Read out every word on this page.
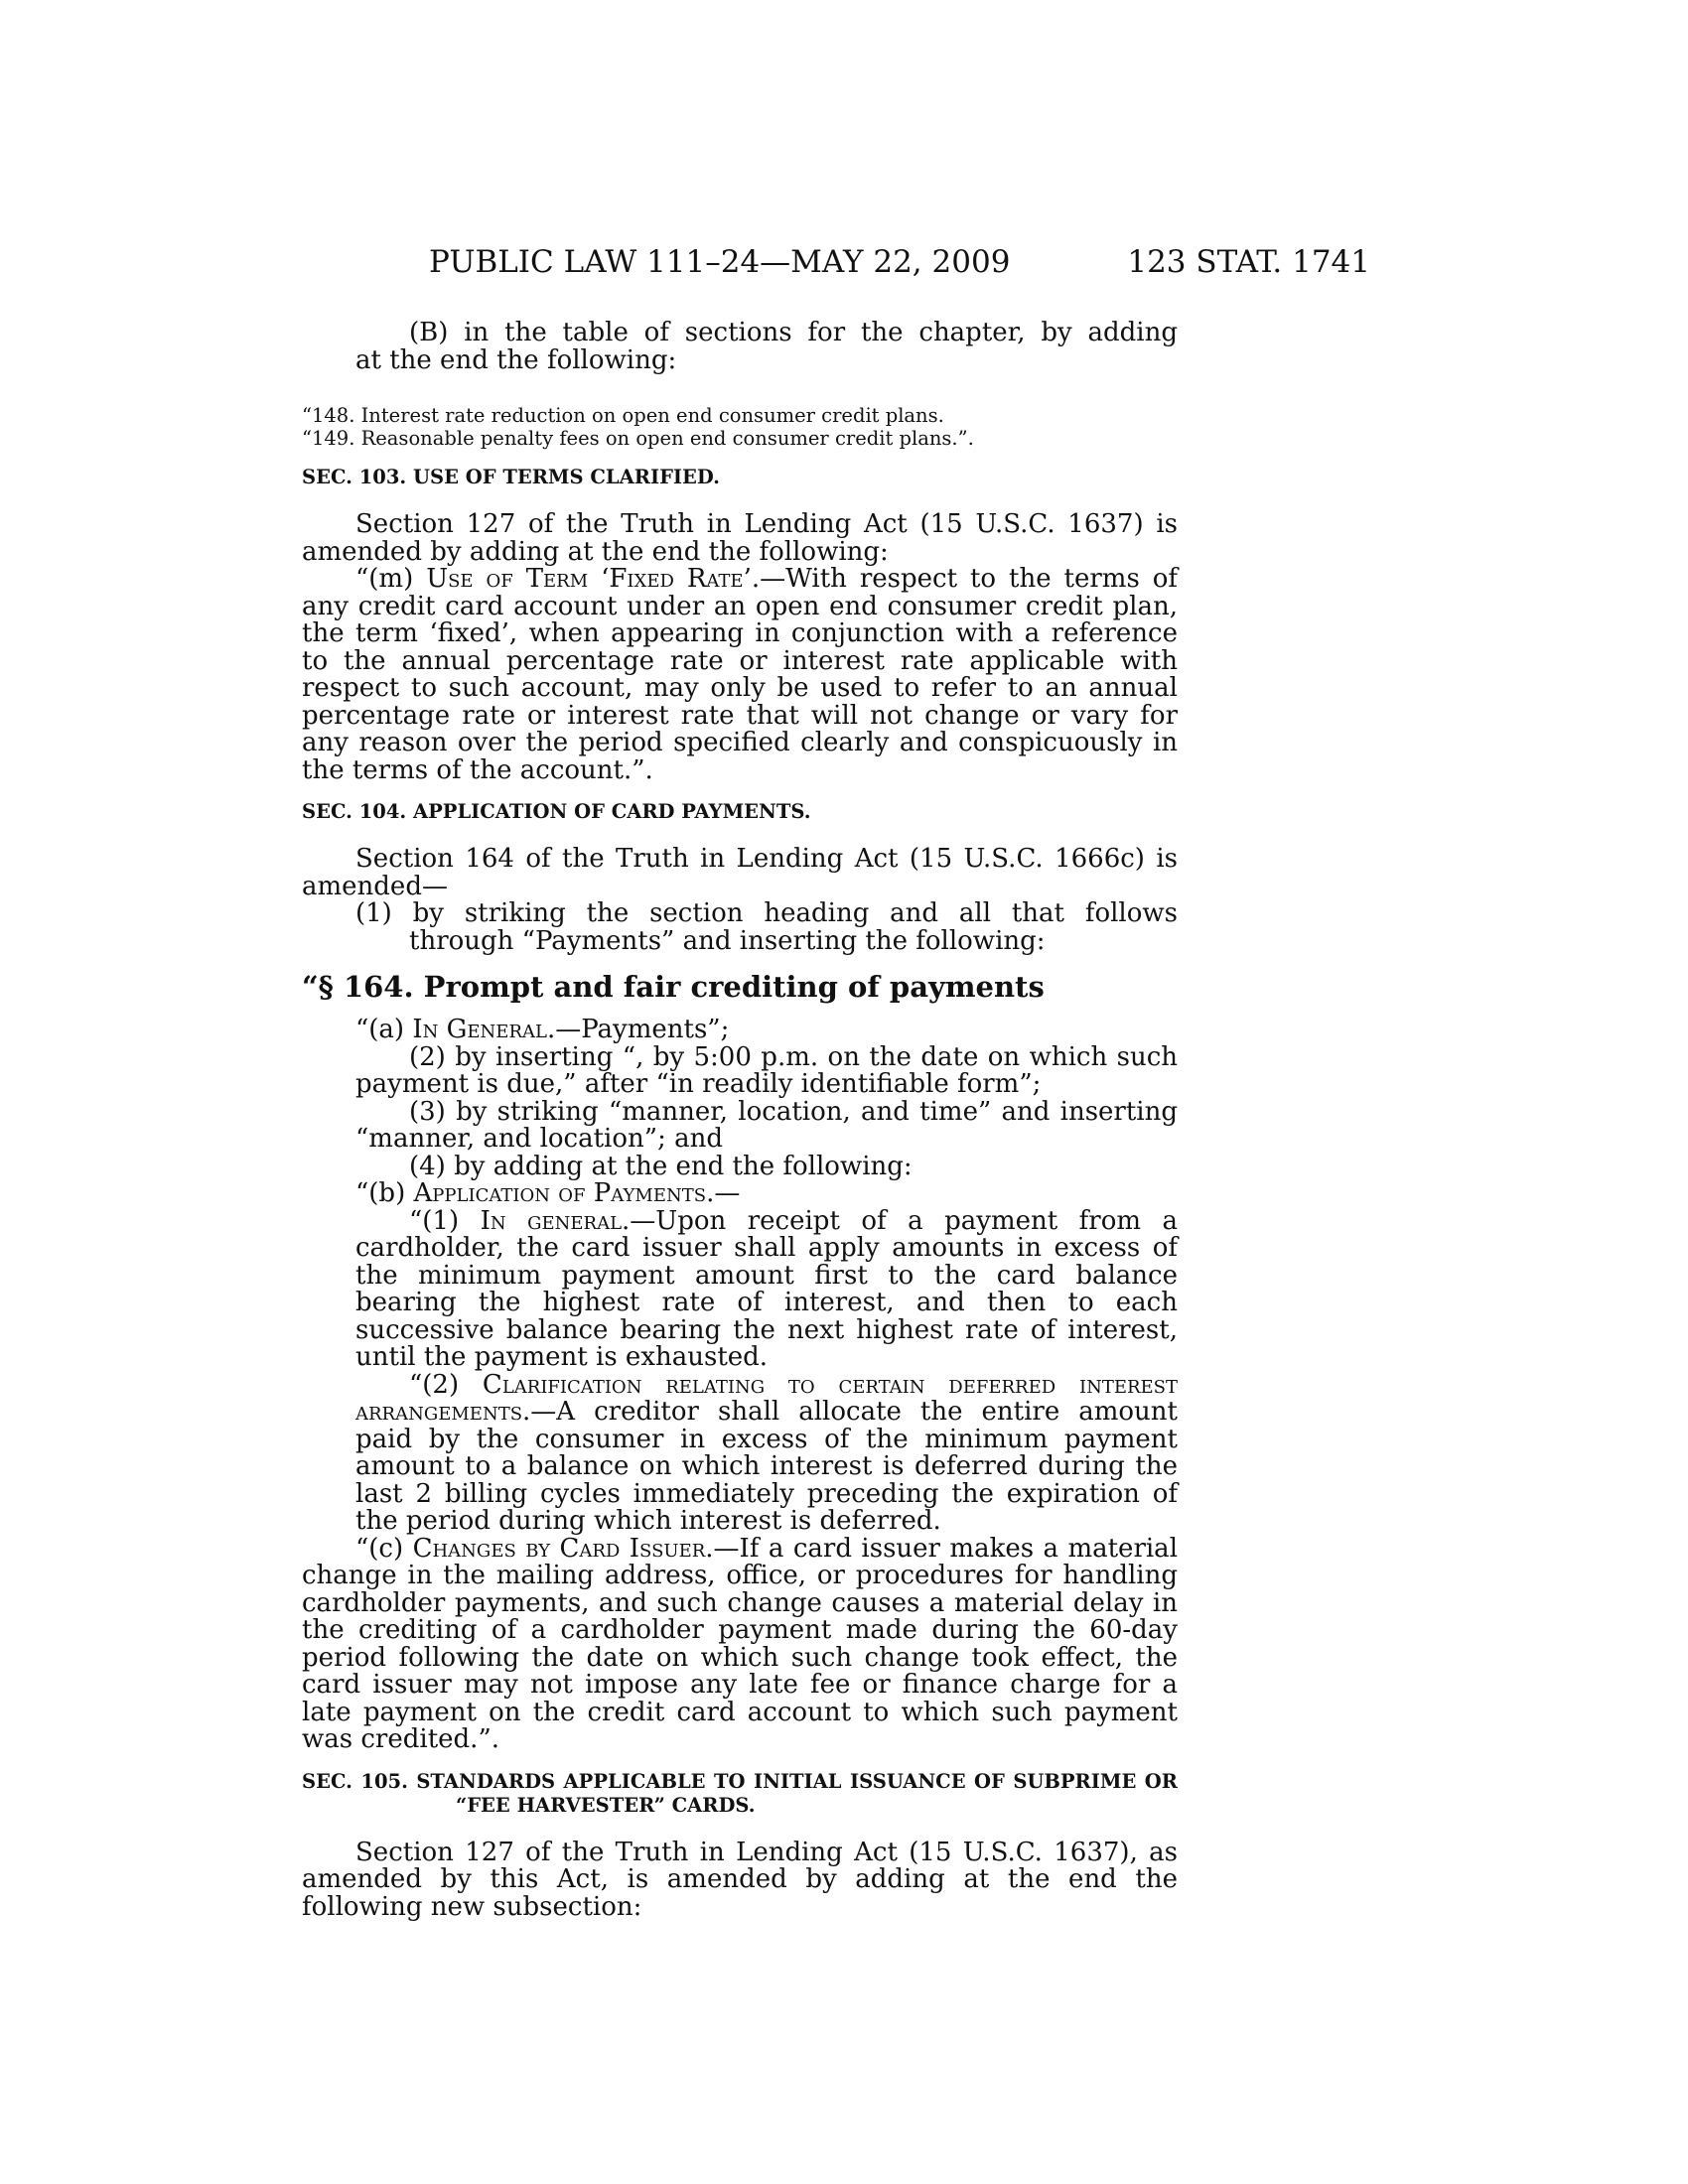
PUBLIC LAW 111–24—MAY 22, 2009	123 STAT. 1741

(B) in the table of sections for the chapter, by adding

at the end the following:

“148. Interest rate reduction on open end consumer credit plans.

“149. Reasonable penalty fees on open end consumer credit plans.”.

SEC. 103. USE OF TERMS CLARIFIED.

Section 127 of the Truth in Lending Act (15 U.S.C. 1637) is amended by adding at the end the following:

“(m) Use of Term ‘Fixed Rate’.—With respect to the terms of any credit card account under an open end consumer credit plan, the term ‘fixed’, when appearing in conjunction with a reference to the annual percentage rate or interest rate applicable with respect to such account, may only be used to refer to an annual percentage rate or interest rate that will not change or vary for any reason over the period specified clearly and conspicuously in the terms of the account.”.

SEC. 104. APPLICATION OF CARD PAYMENTS.

Section 164 of the Truth in Lending Act (15 U.S.C. 1666c) is amended—

(1) by striking the section heading and all that follows through “Payments” and inserting the following:

“§ 164. Prompt and fair crediting of payments

“(a) In General.—Payments”;

(2) by inserting “, by 5:00 p.m. on the date on which such payment is due,” after “in readily identifiable form”;

(3) by striking “manner, location, and time” and inserting “manner, and location”; and

(4) by adding at the end the following:

“(b) Application of Payments.—

“(1) In general.—Upon receipt of a payment from a cardholder, the card issuer shall apply amounts in excess of the minimum payment amount first to the card balance bearing the highest rate of interest, and then to each successive balance bearing the next highest rate of interest, until the payment is exhausted.

“(2) Clarification relating to certain deferred interest arrangements.—A creditor shall allocate the entire amount paid by the consumer in excess of the minimum payment amount to a balance on which interest is deferred during the last 2 billing cycles immediately preceding the expiration of the period during which interest is deferred.

“(c) Changes by Card Issuer.—If a card issuer makes a material change in the mailing address, office, or procedures for handling cardholder payments, and such change causes a material delay in the crediting of a cardholder payment made during the 60-day period following the date on which such change took effect, the card issuer may not impose any late fee or finance charge for a late payment on the credit card account to which such payment was credited.”.

SEC. 105. STANDARDS APPLICABLE TO INITIAL ISSUANCE OF SUBPRIME OR “FEE HARVESTER” CARDS.

Section 127 of the Truth in Lending Act (15 U.S.C. 1637), as amended by this Act, is amended by adding at the end the following new subsection:
